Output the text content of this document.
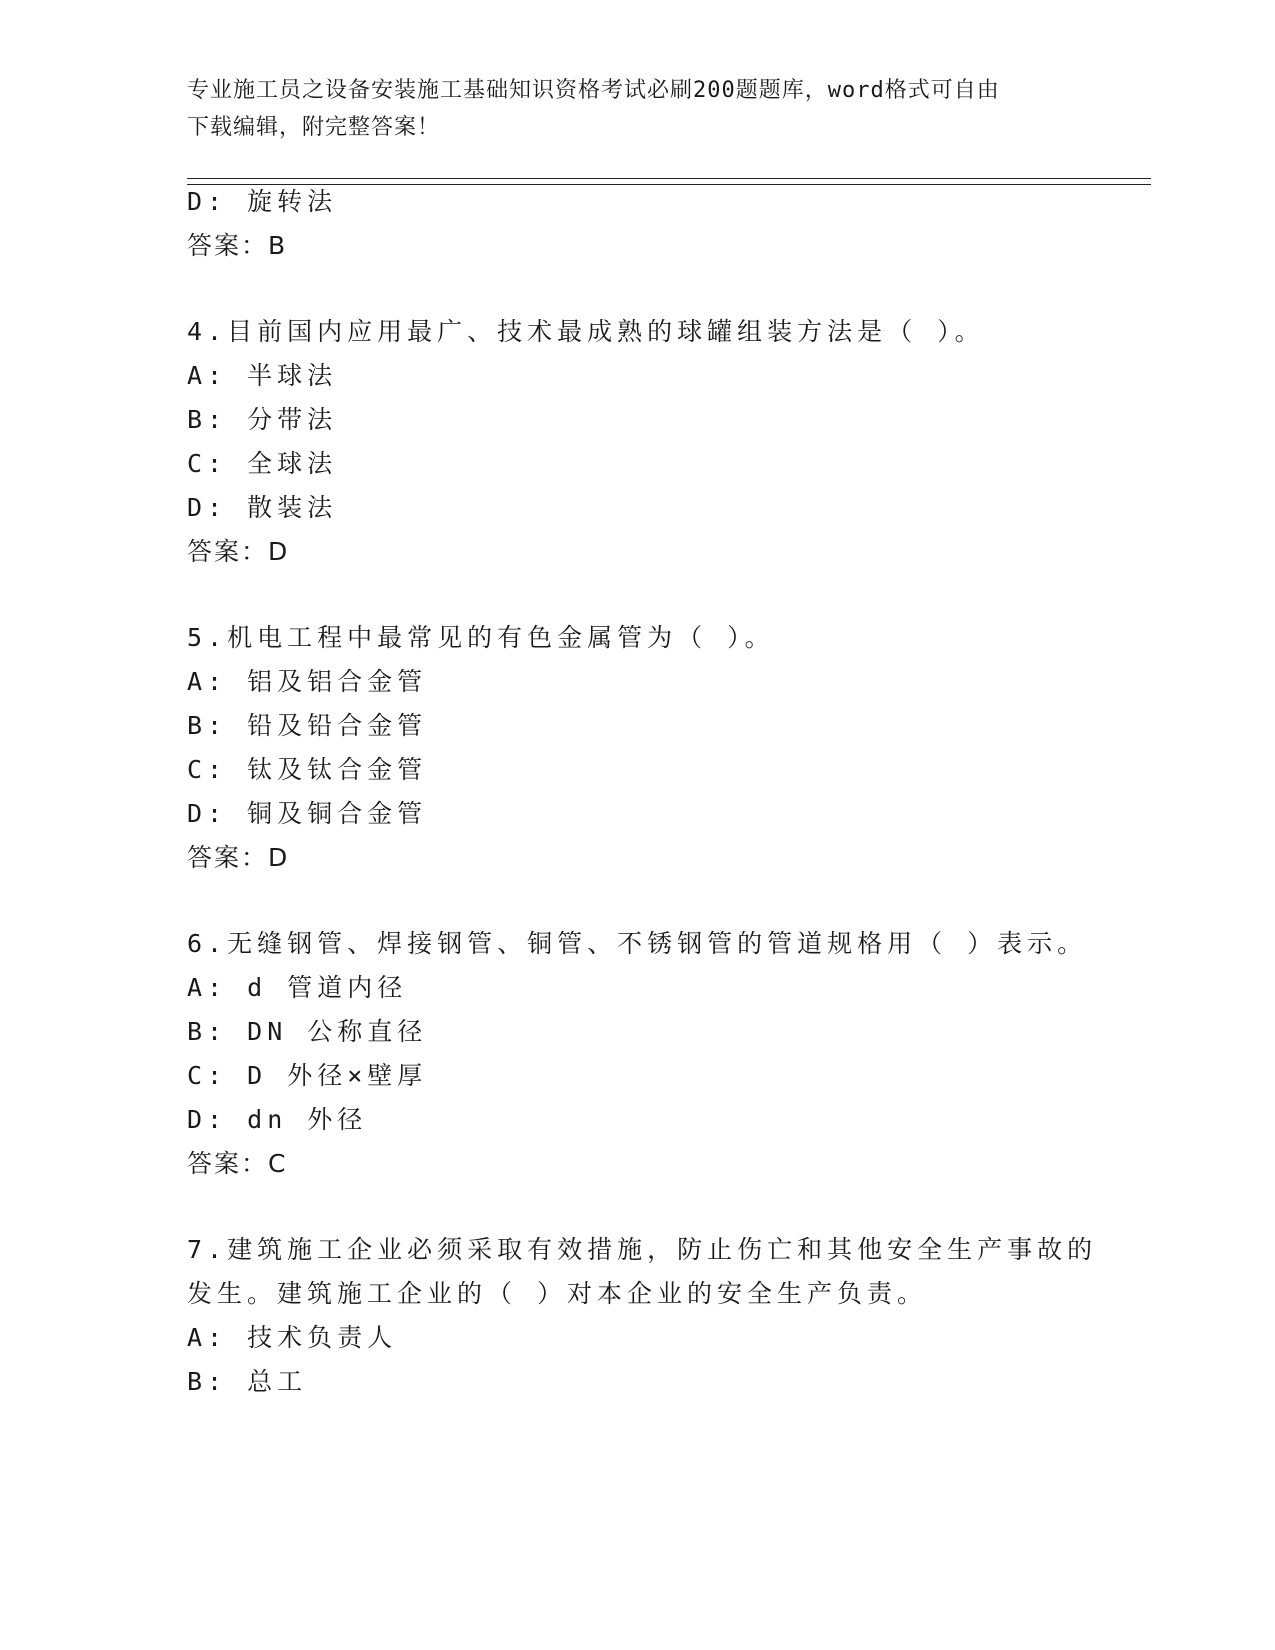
专业施工员之设备安装施工基础知识资格考试必刷200题题库，word格式可自由
下载编辑，附完整答案！
D: 旋转法
答案：B
4.目前国内应用最广、技术最成熟的球罐组装方法是（ ）。
A: 半球法
B: 分带法
C: 全球法
D: 散装法
答案：D
5.机电工程中最常见的有色金属管为（ ）。
A: 铝及铝合金管
B: 铅及铅合金管
C: 钛及钛合金管
D: 铜及铜合金管
答案：D
6.无缝钢管、焊接钢管、铜管、不锈钢管的管道规格用（ ）表示。
A: d 管道内径
B: DN 公称直径
C: D 外径×壁厚
D: dn 外径
答案：C
7.建筑施工企业必须采取有效措施，防止伤亡和其他安全生产事故的
发生。建筑施工企业的（ ）对本企业的安全生产负责。
A: 技术负责人
B: 总工
